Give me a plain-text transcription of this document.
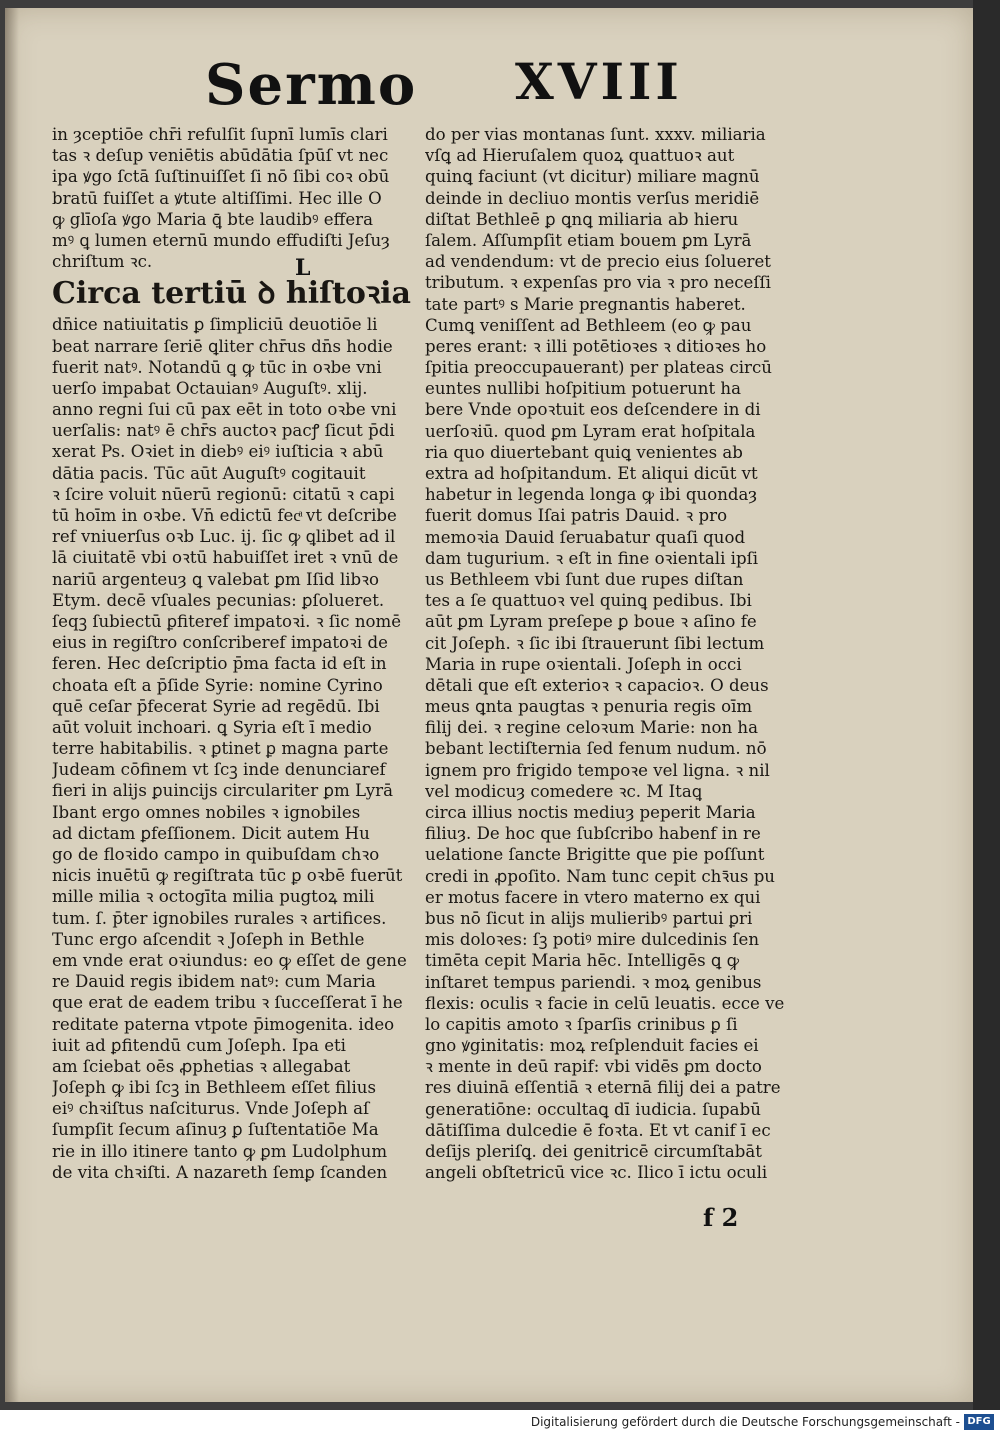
Sermo XVIII
in ȝceptiōe chr̄i refulſit ſupnī lumīs clari
tas ꝛ deſup veniētis abūdātia ſpūſ vt nec
ipa ꝟgo ſctā ſuſtinuiſſet ſi nō ſibi coꝛ obū
bratū fuiſſet a ꝟtute altiſſimi. Hec ille O
ꝙ glīoſa ꝟgo Maria ꝗ̄ bte laudibꝰ effera
mꝰ ꝗ lumen eternū mundo effudiſti Jeſuȝ
chriſtum ꝛc.
Circa tertiū ꝺ hiſtoꝛia
dn̄ice natiuitatis ꝑ ſimpliciū deuotiōe li
beat narrare ſeriē ꝗliter chr̄us dn̄s hodie
fuerit natꝰ. Notandū ꝗ ꝙ tūc in oꝛbe vni
uerſo impabat Octauianꝰ Auguſtꝰ. xlij.
anno regni ſui cū pax eēt in toto oꝛbe vni
uerſalis: natꝰ ē chr̄s auctoꝛ pacꝭ ſicut p̄di
xerat Ps. Oꝛiet in diebꝰ eiꝰ iuſticia ꝛ abū
dātia pacis. Tūc aūt Auguſtꝰ cogitauit
ꝛ ſcire voluit nūerū regionū: citatū ꝛ capi
tū hoīm in oꝛbe. Vn̄ edictū fecͣ vt deſcribe
ref vniuerſus oꝛb Luc. ij. ſic ꝙ ꝗlibet ad il
lā ciuitatē vbi oꝛtū habuiſſet iret ꝛ vnū de
nariū argenteuȝ ꝗ valebat ꝑm Iſid libꝛo
Etym. decē vſuales pecunias: ꝑſolueret.
ſeqꝫ ſubiectū ꝑfiteref impatoꝛi. ꝛ ſic nomē
eius in regiſtro conſcriberef impatoꝛi de
feren. Hec deſcriptio p̄ma facta id eſt in
choata eſt a p̄ſide Syrie: nomine Cyrino
quē ceſar p̄fecerat Syrie ad regēdū. Ibi
aūt voluit inchoari. ꝗ Syria eſt ī medio
terre habitabilis. ꝛ ꝑtinet ꝑ magna parte
Judeam cōfinem vt ſcꝫ inde denunciaref
fieri in alijs ꝑuincijs circulariter ꝑm Lyrā
Ibant ergo omnes nobiles ꝛ ignobiles
ad dictam ꝑfeſſionem. Dicit autem Hu
go de floꝛido campo in quibuſdam chꝛo
nicis inuētū ꝙ regiſtrata tūc ꝑ oꝛbē fuerūt
mille milia ꝛ octogīta milia pugtoꝝ mili
tum. ſ. p̄ter ignobiles rurales ꝛ artifices.
Tunc ergo aſcendit ꝛ Joſeph in Bethle
em vnde erat oꝛiundus: eo ꝙ eſſet de gene
re Dauid regis ibidem natꝰ: cum Maria
que erat de eadem tribu ꝛ ſucceſſerat ī he
reditate paterna vtpote p̄imogenita. ideo
iuit ad ꝑfitendū cum Joſeph. Ipa eti
am ſciebat oēs ꝓphetias ꝛ allegabat
Joſeph ꝙ ibi ſcꝫ in Bethleem eſſet filius
eiꝰ chꝛiſtus naſciturus. Vnde Joſeph aſ
ſumpſit ſecum aſinuȝ ꝑ ſuſtentatiōe Ma
rie in illo itinere tanto ꝙ ꝑm Ludolphum
de vita chꝛiſti. A nazareth ſemꝑ ſcanden
L
do per vias montanas ſunt. xxxv. miliaria
vſꝗ ad Hieruſalem quoꝝ quattuoꝛ aut
quinꝗ faciunt (vt dicitur) miliare magnū
deinde in decliuo montis verſus meridiē
diſtat Bethleē ꝑ ꝗnꝗ miliaria ab hieru
ſalem. Aſſumpſit etiam bouem ꝑm Lyrā
ad vendendum: vt de precio eius ſolueret
tributum. ꝛ expenſas pro via ꝛ pro neceſſi
tate partꝰ s Marie pregnantis haberet.
Cumꝗ veniſſent ad Bethleem (eo ꝙ pau
peres erant: ꝛ illi potētioꝛes ꝛ ditioꝛes ho
ſpitia preoccupauerant) per plateas circū
euntes nullibi hoſpitium potuerunt ha
bere Vnde opoꝛtuit eos deſcendere in di
uerſoꝛiū. quod ꝑm Lyram erat hoſpitala
ria quo diuertebant quiꝗ venientes ab
extra ad hoſpitandum. Et aliqui dicūt vt
habetur in legenda longa ꝙ ibi quondaȝ
fuerit domus Iſai patris Dauid. ꝛ pro
memoꝛia Dauid ſeruabatur quaſi quod
dam tugurium. ꝛ eſt in fine oꝛientali ipſi
us Bethleem vbi ſunt due rupes diſtan
tes a ſe quattuoꝛ vel quinꝗ pedibus. Ibi
aūt ꝑm Lyram preſepe ꝑ boue ꝛ aſino fe
cit Joſeph. ꝛ ſic ibi ſtrauerunt ſibi lectum
Maria in rupe oꝛientali. Joſeph in occi
dētali que eſt exterioꝛ ꝛ capacioꝛ. O deus
meus ꝗnta paugtas ꝛ penuria regis oīm
filij dei. ꝛ regine celoꝛum Marie: non ha
bebant lectiſternia ſed fenum nudum. nō
ignem pro frigido tempoꝛe vel ligna. ꝛ nil
vel modicuȝ comedere ꝛc. M Itaꝗ
circa illius noctis mediuȝ peperit Maria
filiuȝ. De hoc que ſubſcribo habenf in re
uelatione ſancte Brigitte que pie poſſunt
credi in ꝓpoſito. Nam tunc cepit chꝛ̄us pu
er motus facere in vtero materno ex qui
bus nō ſicut in alijs mulieribꝰ partui ꝑri
mis doloꝛes: ſꝫ potiꝰ mire dulcedinis ſen
timēta cepit Maria hēc. Intelligēs ꝗ ꝙ
inſtaret tempus pariendi. ꝛ moꝝ genibus
flexis: oculis ꝛ facie in celū leuatis. ecce ve
lo capitis amoto ꝛ ſparſis crinibus ꝑ ſi
gno ꝟginitatis: moꝝ reſplenduit facies ei
ꝛ mente in deū rapif: vbi vidēs ꝑm docto
res diuinā eſſentiā ꝛ eternā filij dei a patre
generatiōne: occultaꝗ dī iudicia. ſupabū
dātiſſima dulcedie ē foꝛta. Et vt canif ī ec
deſijs pleriſꝗ. dei genitricē circumſtabāt
angeli obſtetricū vice ꝛc. Ilico ī ictu oculi
f 2
Digitalisierung gefördert durch die Deutsche Forschungsgemeinschaft - DFG
